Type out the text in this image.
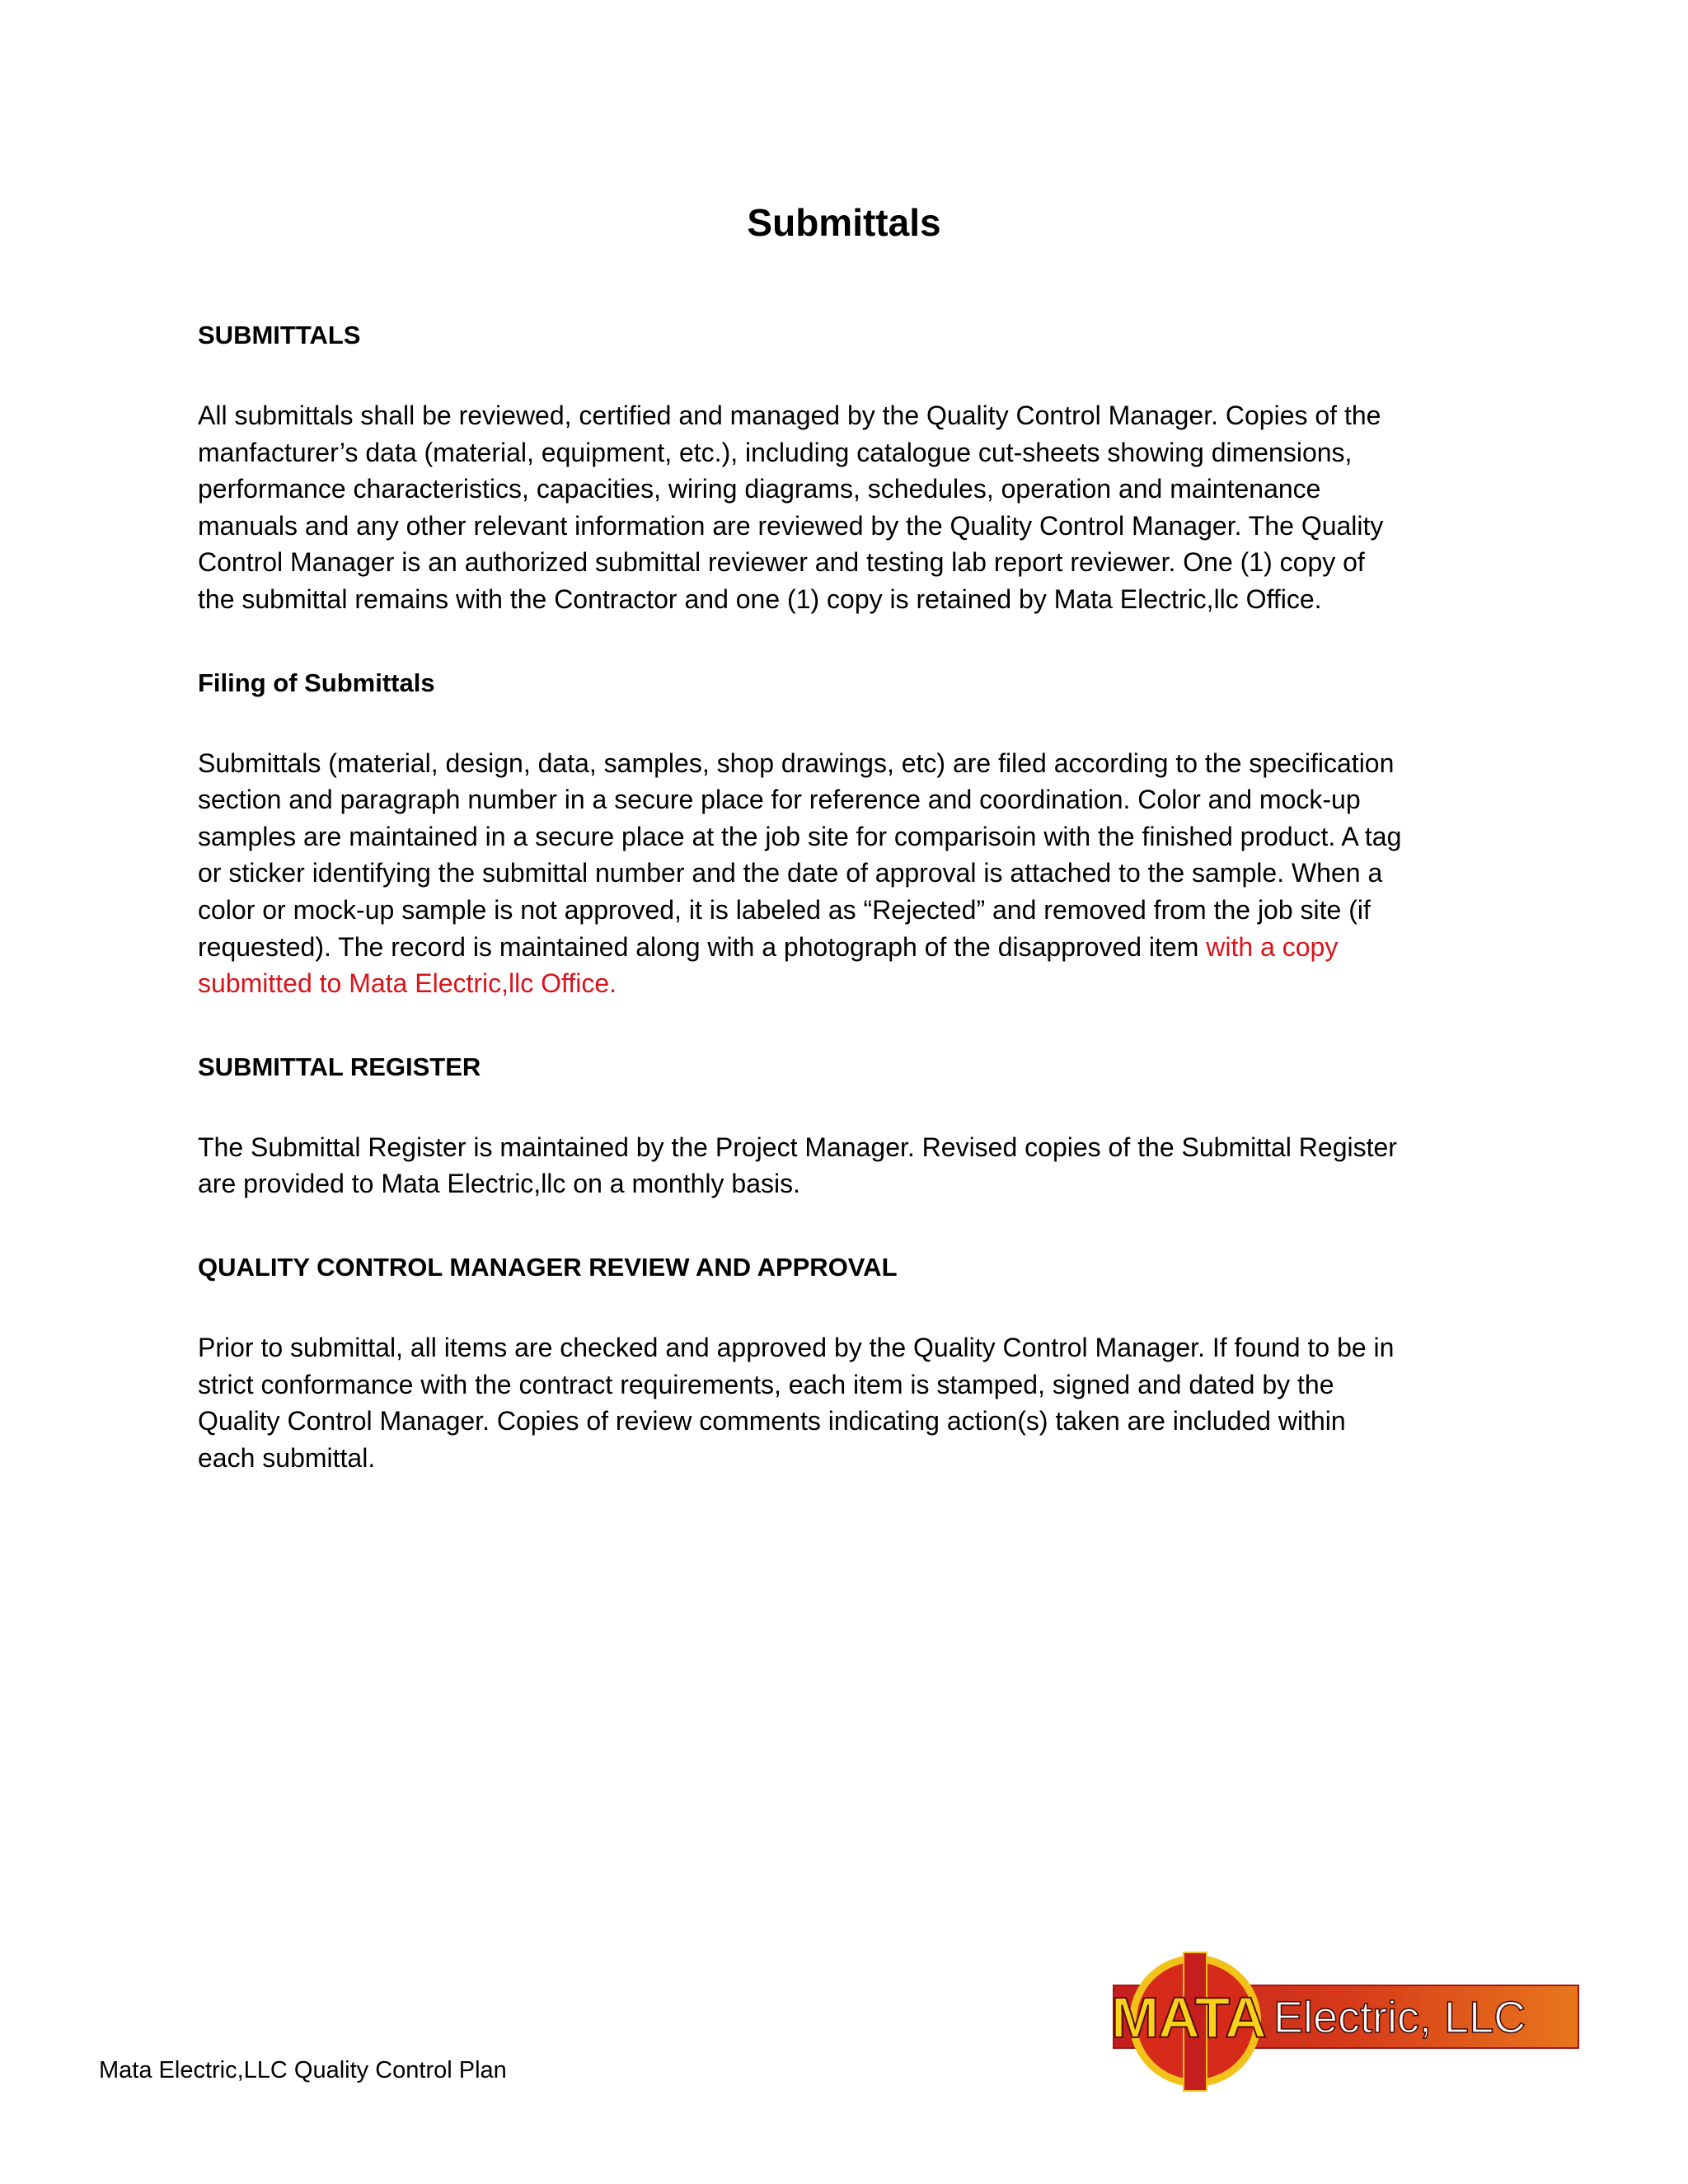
Submittals
SUBMITTALS

All submittals shall be reviewed, certified and managed by the Quality Control Manager. Copies of the
manfacturer’s data (material, equipment, etc.), including catalogue cut-sheets showing dimensions,
performance characteristics, capacities, wiring diagrams, schedules, operation and maintenance
manuals and any other relevant information are reviewed by the Quality Control Manager. The Quality
Control Manager is an authorized submittal reviewer and testing lab report reviewer. One (1) copy of
the submittal remains with the Contractor and one (1) copy is retained by Mata Electric,llc Office.

Filing of Submittals

Submittals (material, design, data, samples, shop drawings, etc) are filed according to the specification
section and paragraph number in a secure place for reference and coordination. Color and mock-up
samples are maintained in a secure place at the job site for comparisoin with the finished product. A tag
or sticker identifying the submittal number and the date of approval is attached to the sample. When a
color or mock-up sample is not approved, it is labeled as “Rejected” and removed from the job site (if
requested). The record is maintained along with a photograph of the disapproved item with a copy
submitted to Mata Electric,llc Office.

SUBMITTAL REGISTER

The Submittal Register is maintained by the Project Manager. Revised copies of the Submittal Register
are provided to Mata Electric,llc on a monthly basis.

QUALITY CONTROL MANAGER REVIEW AND APPROVAL

Prior to submittal, all items are checked and approved by the Quality Control Manager. If found to be in
strict conformance with the contract requirements, each item is stamped, signed and dated by the
Quality Control Manager. Copies of review comments indicating action(s) taken are included within
each submittal.

MATA Electric, LLC

Mata Electric,LLC Quality Control Plan
